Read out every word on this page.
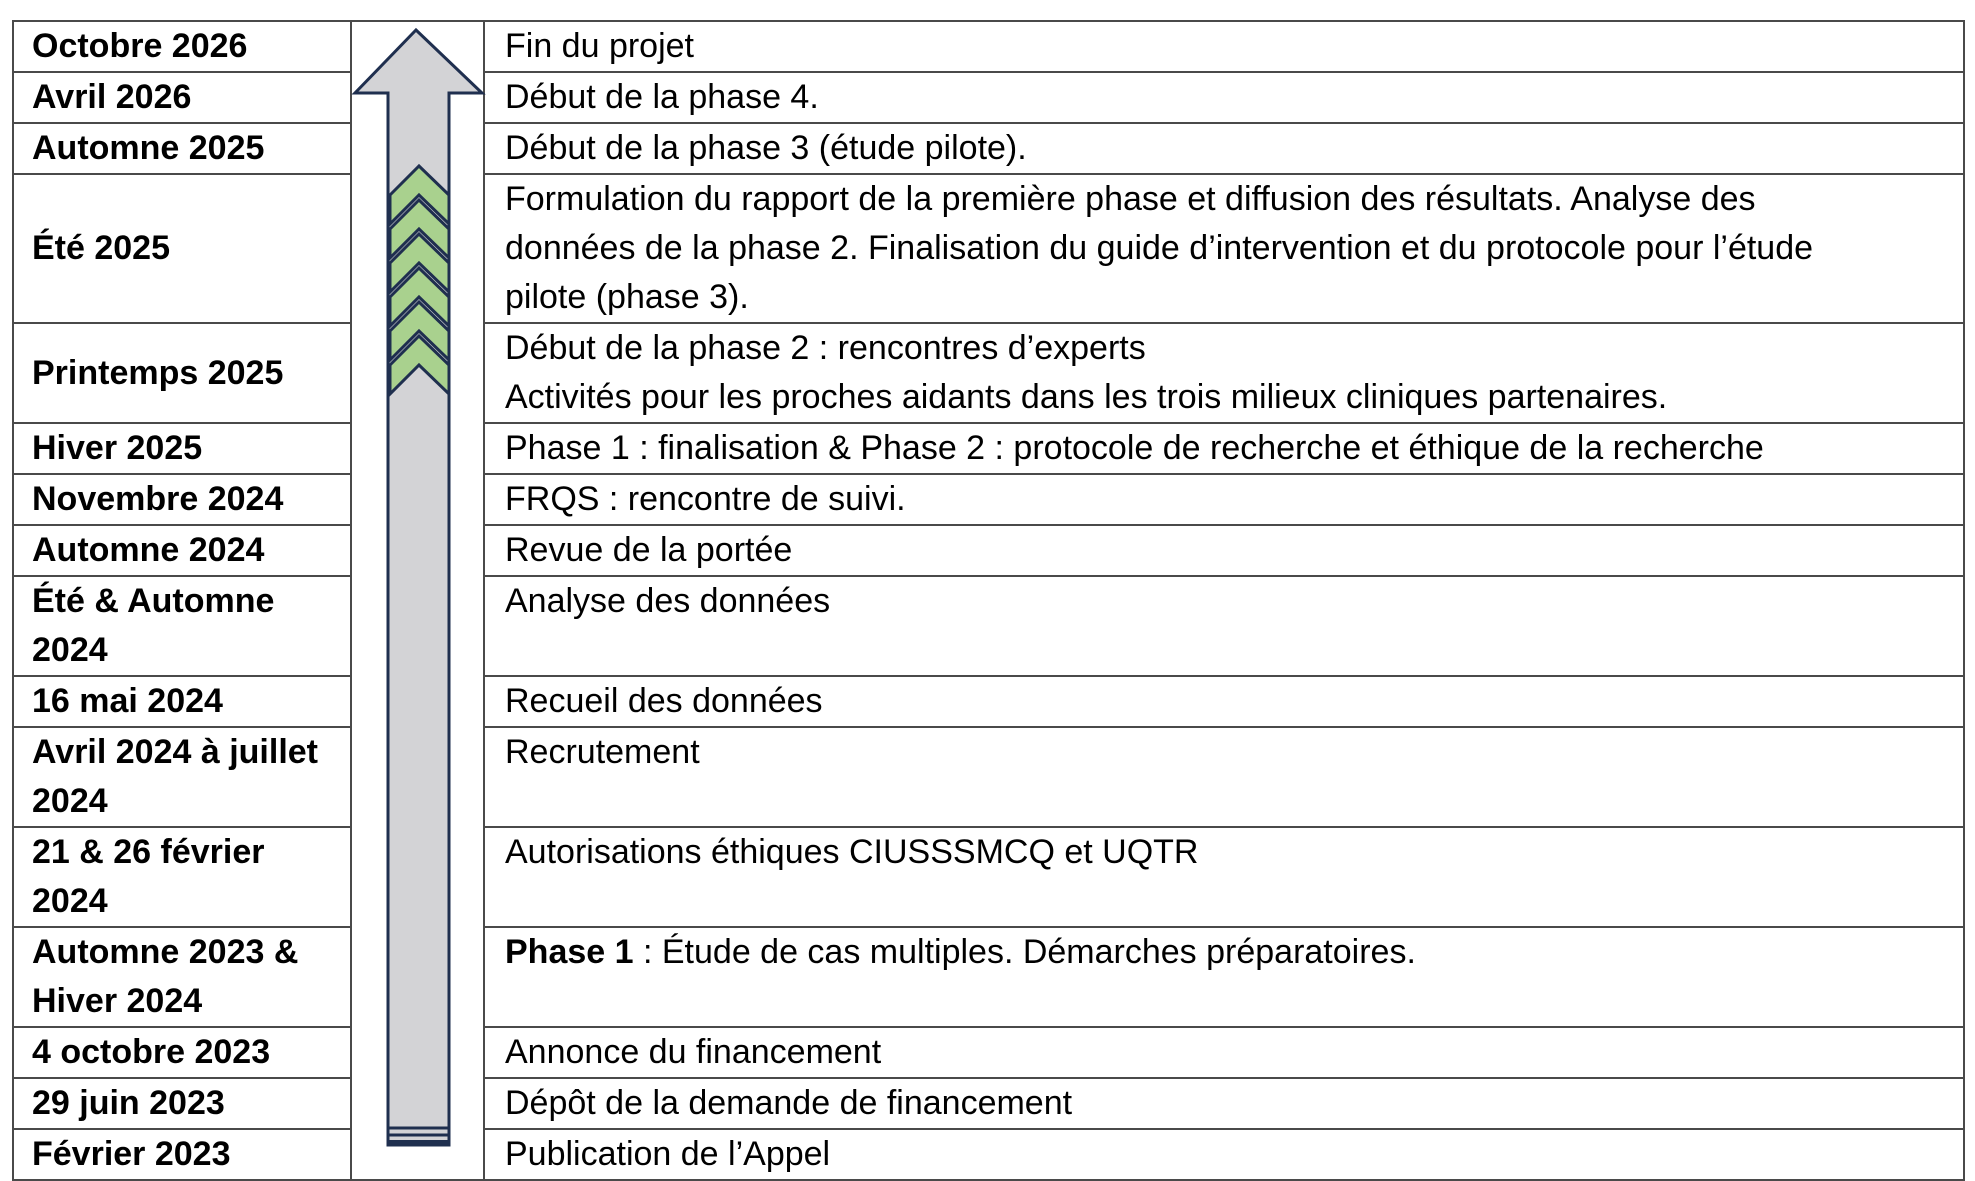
Octobre 2026		Fin du projet

Avril 2026		Début de la phase 4.

Automne 2025		Début de la phase 3 (étude pilote).

Été 2025		Formulation du rapport de la première phase et diffusion des résultats. Analyse des
données de la phase 2. Finalisation du guide d’intervention et du protocole pour l’étude
pilote (phase 3).

Printemps 2025		Début de la phase 2 : rencontres d’experts
Activités pour les proches aidants dans les trois milieux cliniques partenaires.

Hiver 2025		Phase 1 : finalisation & Phase 2 : protocole de recherche et éthique de la recherche

Novembre 2024		FRQS : rencontre de suivi.

Automne 2024		Revue de la portée

Été & Automne 2024		Analyse des données

16 mai 2024		Recueil des données

Avril 2024 à juillet 2024		Recrutement

21 & 26 février 2024		Autorisations éthiques CIUSSSMCQ et UQTR

Automne 2023 & Hiver 2024		Phase 1 : Étude de cas multiples. Démarches préparatoires.

4 octobre 2023		Annonce du financement

29 juin 2023		Dépôt de la demande de financement

Février 2023		Publication de l’Appel
